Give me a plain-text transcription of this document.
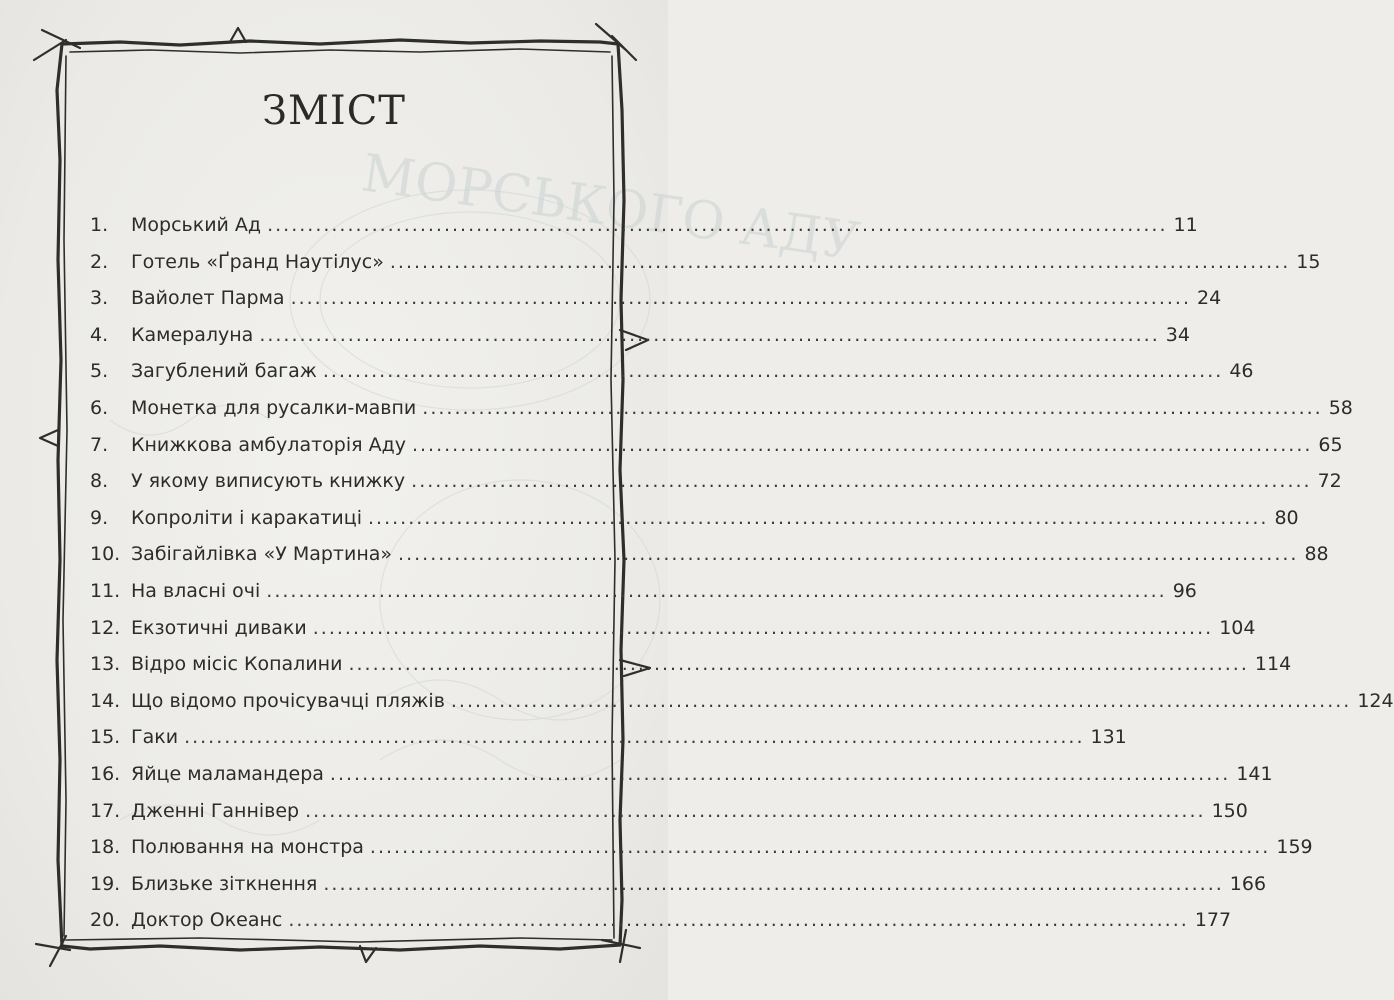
МОРСЬКОГО АДУ
ЗМІСТ
1.	Морський Ад .....	11
2.	Готель «Ґранд Наутілус» .....	15
3.	Вайолет Парма .....	24
4.	Камералуна .....	34
5.	Загублений багаж .....	46
6.	Монетка для русалки-мавпи .....	58
7.	Книжкова амбулаторія Аду .....	65
8.	У якому виписують книжку .....	72
9.	Копроліти і каракатиці .....	80
10. Забігайлівка «У Мартина» .....	88
11. На власні очі .....	96
12. Екзотичні диваки .....	104
13. Відро місіс Копалини .....	114
14. Що відомо прочісувачці пляжів .....	124
15. Гаки .....	131
16. Яйце маламандера .....	141
17. Дженні Ганнівер .....	150
18. Полювання на монстра .....	159
19. Близьке зіткнення .....	166
20. Доктор Океанс .....	177
